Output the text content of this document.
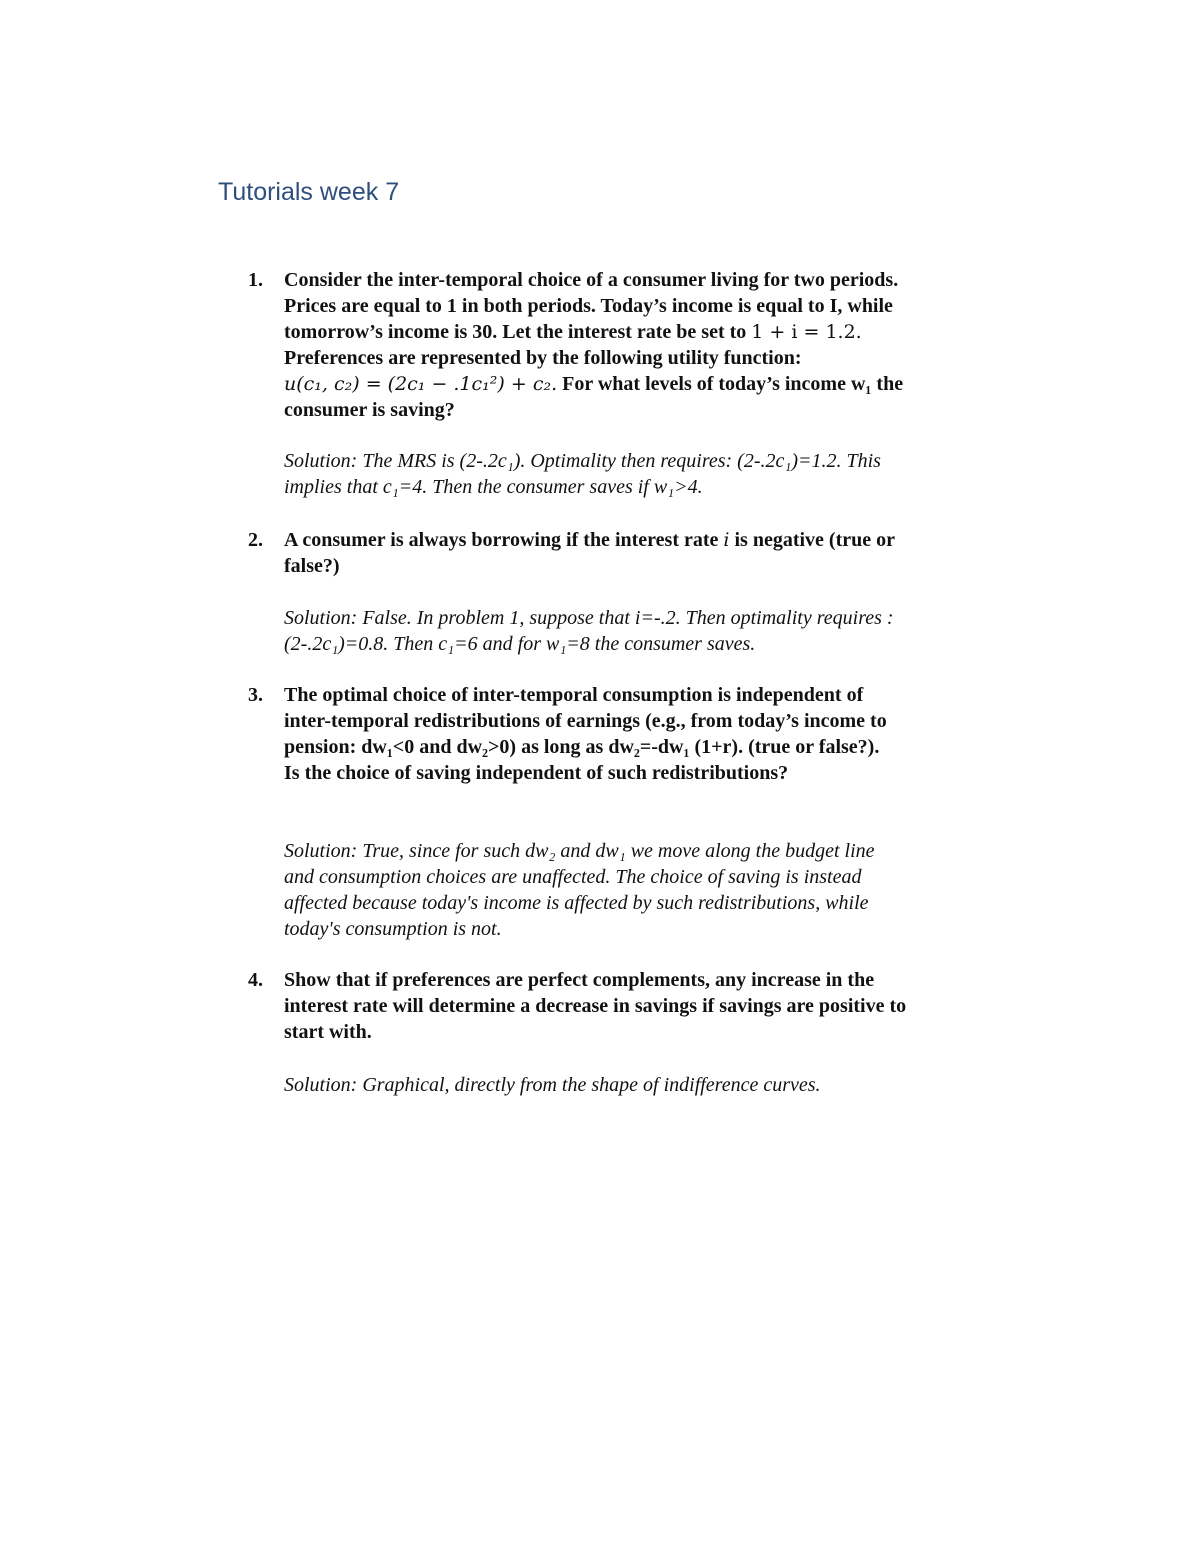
Tutorials week 7
1. Consider the inter-temporal choice of a consumer living for two periods.
Prices are equal to 1 in both periods. Today’s income is equal to I, while
tomorrow’s income is 30. Let the interest rate be set to 1 + i = 1.2.
Preferences are represented by the following utility function:
u(c₁, c₂) = (2c₁ − .1c₁²) + c₂. For what levels of today’s income w₁ the
consumer is saving?

Solution: The MRS is (2-.2c₁). Optimality then requires: (2-.2c₁)=1.2. This
implies that c₁=4. Then the consumer saves if w₁>4.

2. A consumer is always borrowing if the interest rate i is negative (true or
false?)

Solution: False. In problem 1, suppose that i=-.2. Then optimality requires :
(2-.2c₁)=0.8. Then c₁=6 and for w₁=8 the consumer saves.

3. The optimal choice of inter-temporal consumption is independent of
inter-temporal redistributions of earnings (e.g., from today’s income to
pension: dw₁<0 and dw₂>0) as long as dw₂=-dw₁ (1+r). (true or false?).
Is the choice of saving independent of such redistributions?

Solution: True, since for such dw₂ and dw₁ we move along the budget line
and consumption choices are unaffected. The choice of saving is instead
affected because today's income is affected by such redistributions, while
today's consumption is not.

4. Show that if preferences are perfect complements, any increase in the
interest rate will determine a decrease in savings if savings are positive to
start with.

Solution: Graphical, directly from the shape of indifference curves.
